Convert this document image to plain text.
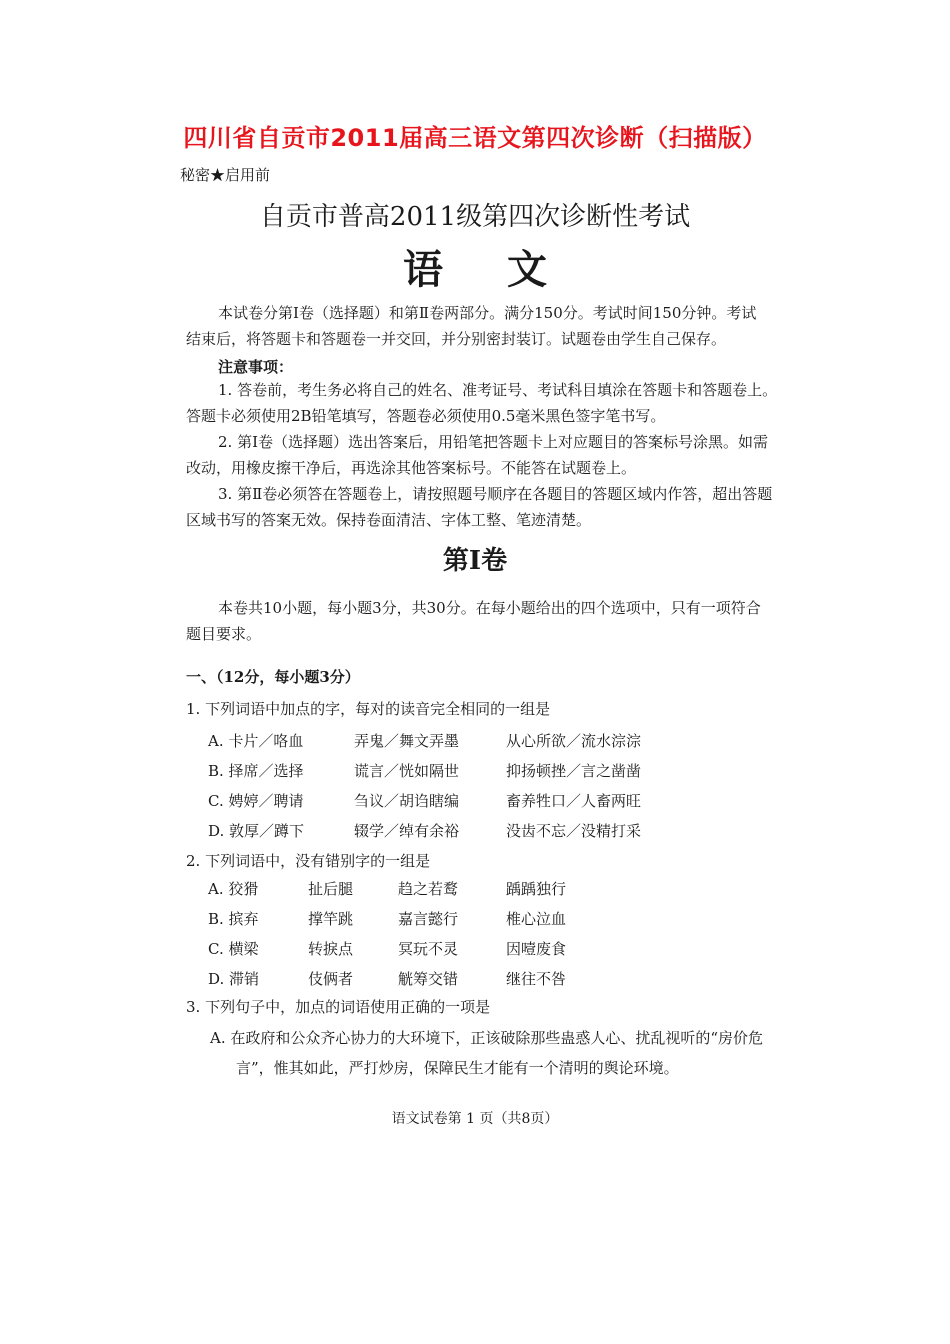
四川省自贡市2011届高三语文第四次诊断（扫描版）
秘密★启用前
自贡市普高2011级第四次诊断性考试
语文
本试卷分第Ⅰ卷（选择题）和第Ⅱ卷两部分。满分150分。考试时间150分钟。考试
结束后，将答题卡和答题卷一并交回，并分别密封装订。试题卷由学生自己保存。
注意事项：
1. 答卷前，考生务必将自己的姓名、准考证号、考试科目填涂在答题卡和答题卷上。
答题卡必须使用2B铅笔填写，答题卷必须使用0.5毫米黑色签字笔书写。
2. 第Ⅰ卷（选择题）选出答案后，用铅笔把答题卡上对应题目的答案标号涂黑。如需
改动，用橡皮擦干净后，再选涂其他答案标号。不能答在试题卷上。
3. 第Ⅱ卷必须答在答题卷上，请按照题号顺序在各题目的答题区域内作答，超出答题
区域书写的答案无效。保持卷面清洁、字体工整、笔迹清楚。
第Ⅰ卷
本卷共10小题，每小题3分，共30分。在每小题给出的四个选项中，只有一项符合
题目要求。
一、（12分，每小题3分）
1. 下列词语中加点的字，每对的读音完全相同的一组是
A. 卡片／咯血	弄鬼／舞文弄墨	从心所欲／流水淙淙
B. 择席／选择	谎言／恍如隔世	抑扬顿挫／言之凿凿
C. 娉婷／聘请	刍议／胡诌瞎编	畜养牲口／人畜两旺
D. 敦厚／蹲下	辍学／绰有余裕	没齿不忘／没精打采
2. 下列词语中，没有错别字的一组是
A. 狡猾	扯后腿	趋之若鹜	踽踽独行
B. 摈弃	撑竿跳	嘉言懿行	椎心泣血
C. 横梁	转捩点	冥玩不灵	因噎废食
D. 滞销	伎俩者	觥筹交错	继往不咎
3. 下列句子中，加点的词语使用正确的一项是
A. 在政府和公众齐心协力的大环境下，正该破除那些蛊惑人心、扰乱视听的“房价危
言”，惟其如此，严打炒房，保障民生才能有一个清明的舆论环境。
语文试卷第 1 页（共8页）
